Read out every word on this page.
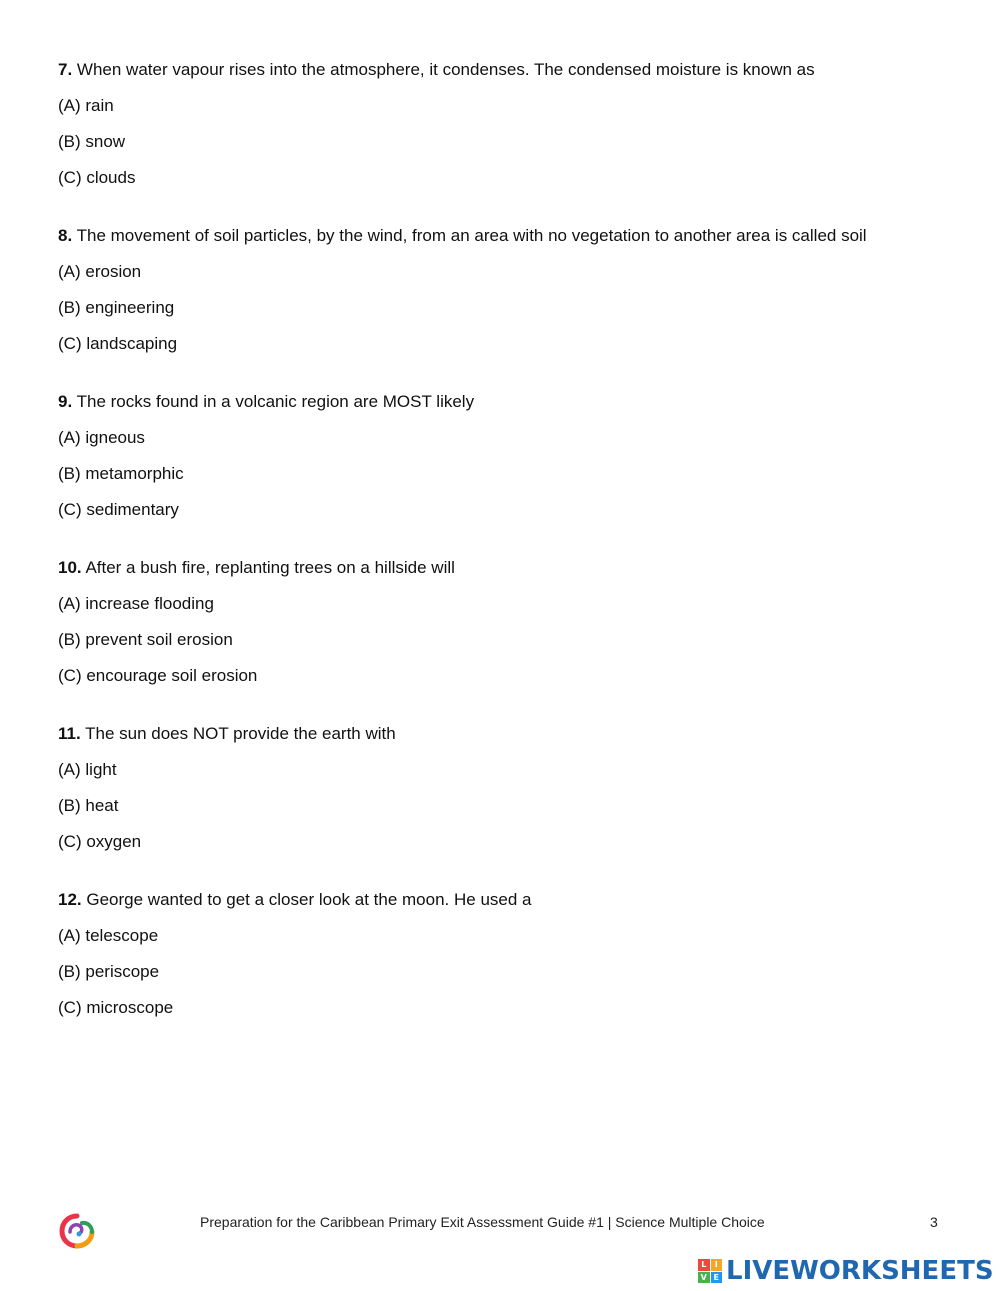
7. When water vapour rises into the atmosphere, it condenses. The condensed moisture is known as
(A) rain
(B) snow
(C) clouds
8. The movement of soil particles, by the wind, from an area with no vegetation to another area is called soil
(A) erosion
(B) engineering
(C) landscaping
9. The rocks found in a volcanic region are MOST likely
(A) igneous
(B) metamorphic
(C) sedimentary
10. After a bush fire, replanting trees on a hillside will
(A) increase flooding
(B) prevent soil erosion
(C) encourage soil erosion
11. The sun does NOT provide the earth with
(A) light
(B) heat
(C) oxygen
12. George wanted to get a closer look at the moon. He used a
(A) telescope
(B) periscope
(C) microscope
Preparation for the Caribbean Primary Exit Assessment Guide #1 | Science Multiple Choice	3
L	I
V E LIVEWORKSHEETS
